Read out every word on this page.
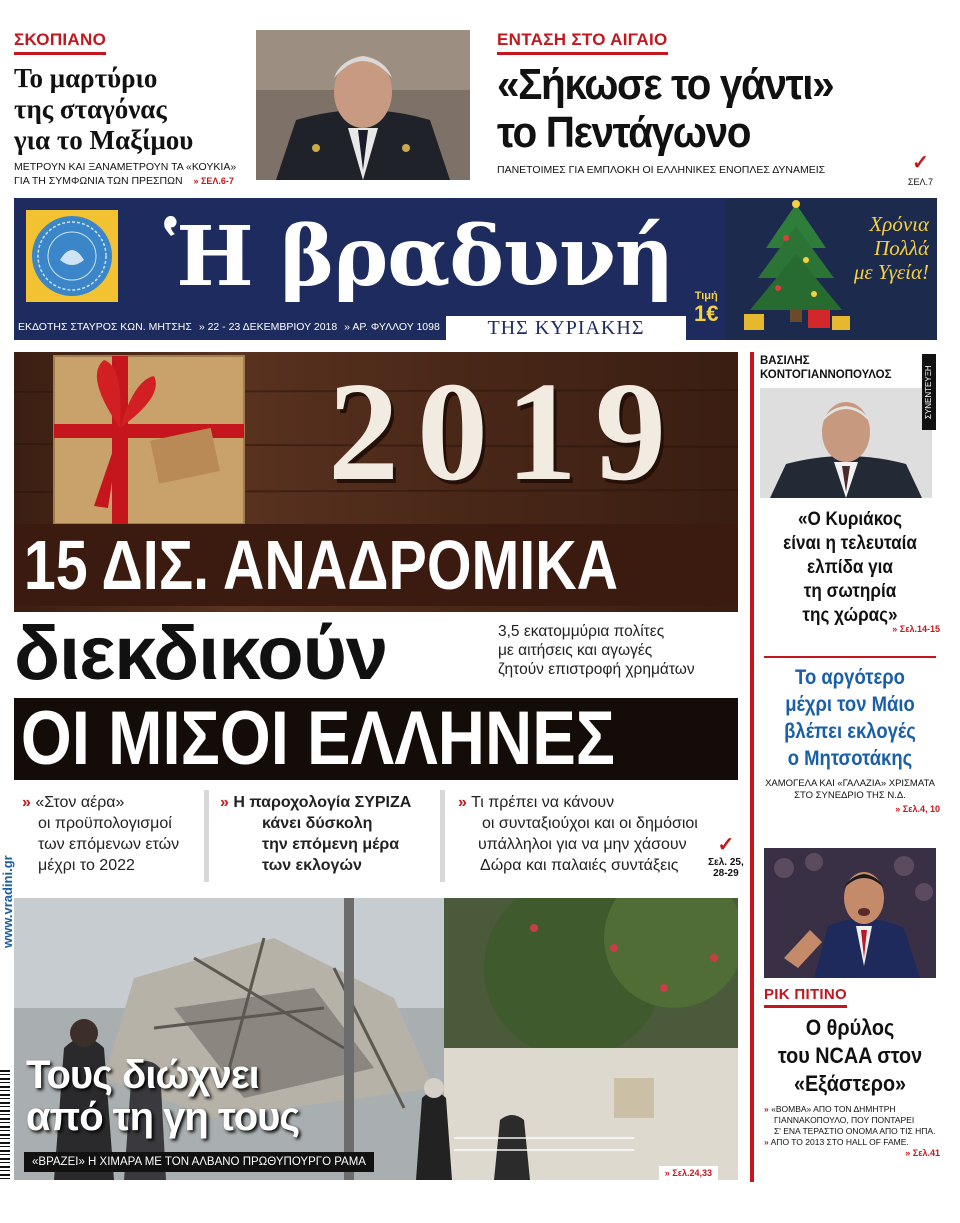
ΣΚΟΠΙΑΝΟ
Το μαρτύριο
της σταγόνας
για το Μαξίμου
ΜΕΤΡΟΥΝ ΚΑΙ ΞΑΝΑΜΕΤΡΟΥΝ ΤΑ «ΚΟΥΚΙΑ»
ΓΙΑ ΤΗ ΣΥΜΦΩΝΙΑ ΤΩΝ ΠΡΕΣΠΩΝ » ΣΕΛ.6-7
ΕΝΤΑΣΗ ΣΤΟ ΑΙΓΑΙΟ
«Σήκωσε το γάντι»
το Πεντάγωνο
ΠΑΝΕΤΟΙΜΕΣ ΓΙΑ ΕΜΠΛΟΚΗ ΟΙ ΕΛΛΗΝΙΚΕΣ ΕΝΟΠΛΕΣ ΔΥΝΑΜΕΙΣ	✓
ΣΕΛ.7
Ἡ βραδυνή
ΕΚΔΟΤΗΣ ΣΤΑΥΡΟΣ ΚΩΝ. ΜΗΤΣΗΣ » 22 - 23 ΔΕΚΕΜΒΡΙΟΥ 2018 » ΑΡ. ΦΥΛΛΟΥ 1098	ΤΗΣ ΚΥΡΙΑΚΗΣ
Χρόνια
Πολλά
με Υγεία!
Τιμή
1€
2019
15 ΔΙΣ. ΑΝΑΔΡΟΜΙΚΑ
διεκδικούν	3,5 εκατομμύρια πολίτες
με αιτήσεις και αγωγές
ζητούν επιστροφή χρημάτων
ΟΙ ΜΙΣΟΙ ΕΛΛΗΝΕΣ
» «Στον αέρα»
οι προϋπολογισμοί
των επόμενων ετών
μέχρι το 2022
» Η παροχολογία ΣΥΡΙΖΑ
κάνει δύσκολη
την επόμενη μέρα
των εκλογών
» Τι πρέπει να κάνουν
οι συνταξιούχοι και οι δημόσιοι
υπάλληλοι για να μην χάσουν
Δώρα και παλαιές συντάξεις
✓
Σελ. 25,
28-29
Τους διώχνει
από τη γη τους
«ΒΡΑΖΕΙ» Η ΧΙΜΑΡΑ ΜΕ ΤΟΝ ΑΛΒΑΝΟ ΠΡΩΘΥΠΟΥΡΓΟ ΡΑΜΑ
» Σελ.24,33
ΒΑΣΙΛΗΣ
ΚΟΝΤΟΓΙΑΝΝΟΠΟΥΛΟΣ	ΣΥΝΕΝΤΕΥΞΗ
«Ο Κυριάκος
είναι η τελευταία
ελπίδα για
τη σωτηρία
της χώρας»
» Σελ.14-15
Το αργότερο
μέχρι τον Μάιο
βλέπει εκλογές
ο Μητσοτάκης
ΧΑΜΟΓΕΛΑ ΚΑΙ «ΓΑΛΑΖΙΑ» ΧΡΙΣΜΑΤΑ
ΣΤΟ ΣΥΝΕΔΡΙΟ ΤΗΣ Ν.Δ.
» Σελ.4, 10
ΡΙΚ ΠΙΤΙΝΟ
Ο θρύλος
του NCAA στον
«Εξάστερο»
» «ΒΟΜΒΑ» ΑΠΟ ΤΟΝ ΔΗΜΗΤΡΗ
ΓΙΑΝΝΑΚΟΠΟΥΛΟ, ΠΟΥ ΠΟΝΤΑΡΕΙ
Σ' ΕΝΑ ΤΕΡΑΣΤΙΟ ΟΝΟΜΑ ΑΠΟ ΤΙΣ ΗΠΑ.
» ΑΠΟ ΤΟ 2013 ΣΤΟ HALL OF FAME.
» Σελ.41
www.vradini.gr
